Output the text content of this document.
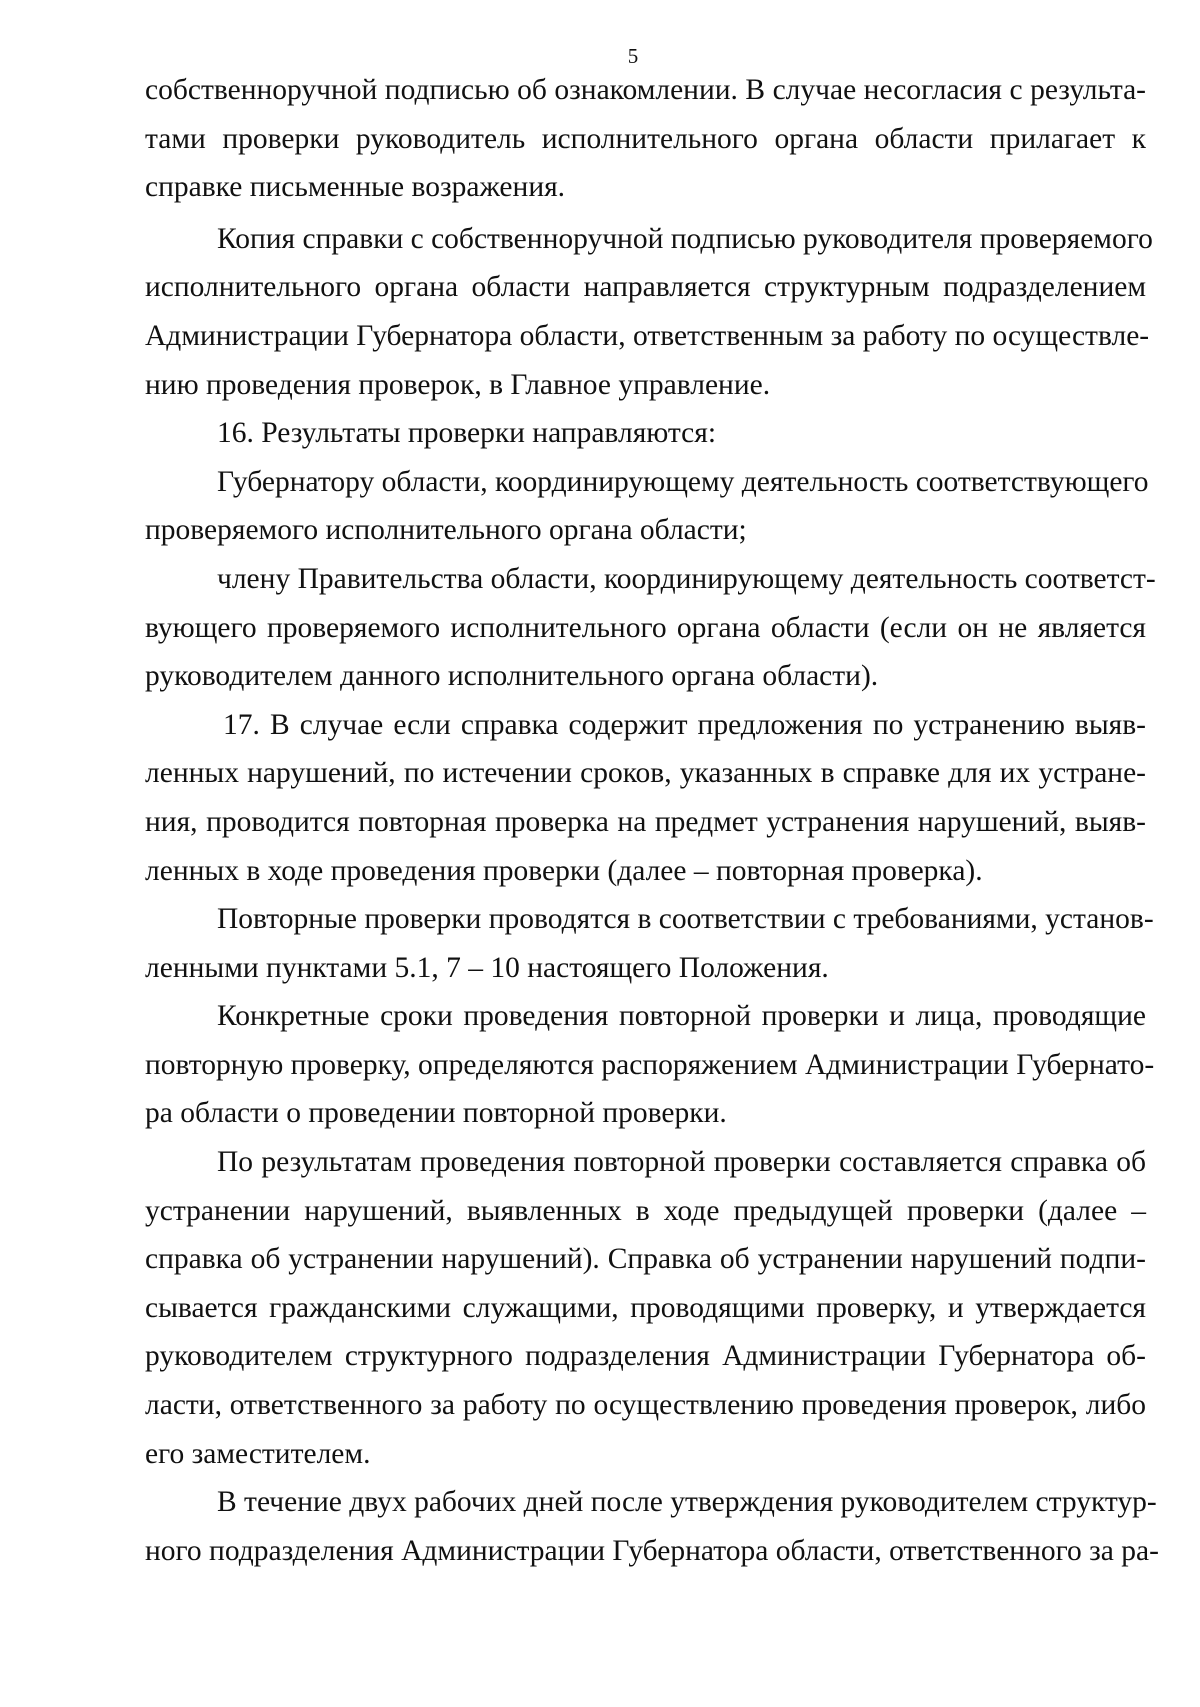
5

собственноручной подписью об ознакомлении. В случае несогласия с результа-
тами проверки руководитель исполнительного органа области прилагает к
справке письменные возражения.

Копия справки с собственноручной подписью руководителя проверяемого
исполнительного органа области направляется структурным подразделением
Администрации Губернатора области, ответственным за работу по осуществле-
нию проведения проверок, в Главное управление.

16. Результаты проверки направляются:

Губернатору области, координирующему деятельность соответствующего
проверяемого исполнительного органа области;

члену Правительства области, координирующему деятельность соответст-
вующего проверяемого исполнительного органа области (если он не является
руководителем данного исполнительного органа области).

17. В случае если справка содержит предложения по устранению выяв-
ленных нарушений, по истечении сроков, указанных в справке для их устране-
ния, проводится повторная проверка на предмет устранения нарушений, выяв-
ленных в ходе проведения проверки (далее – повторная проверка).

Повторные проверки проводятся в соответствии с требованиями, установ-
ленными пунктами 5.1, 7 – 10 настоящего Положения.

Конкретные сроки проведения повторной проверки и лица, проводящие
повторную проверку, определяются распоряжением Администрации Губернато-
ра области о проведении повторной проверки.

По результатам проведения повторной проверки составляется справка об
устранении нарушений, выявленных в ходе предыдущей проверки (далее –
справка об устранении нарушений). Справка об устранении нарушений подпи-
сывается гражданскими служащими, проводящими проверку, и утверждается
руководителем структурного подразделения Администрации Губернатора об-
ласти, ответственного за работу по осуществлению проведения проверок, либо
его заместителем.

В течение двух рабочих дней после утверждения руководителем структур-
ного подразделения Администрации Губернатора области, ответственного за ра-
